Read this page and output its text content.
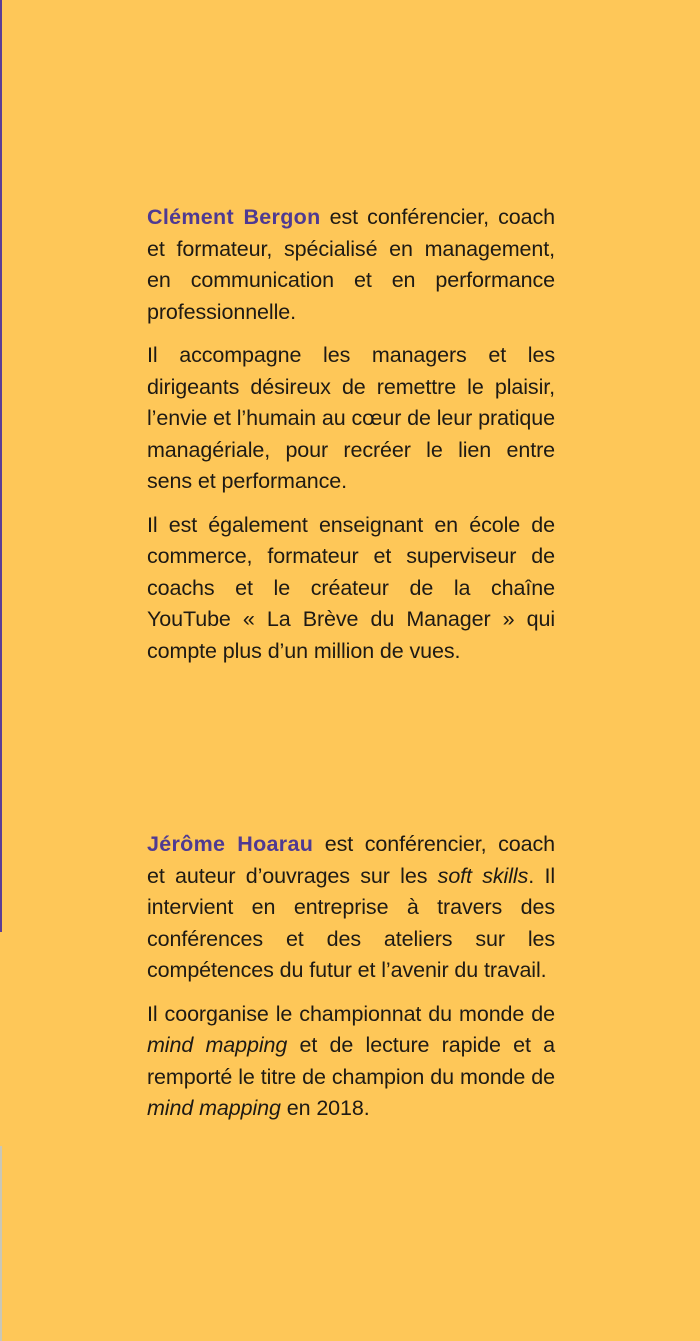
Clément Bergon est conférencier, coach et formateur, spécialisé en management, en communication et en performance professionnelle.

Il accompagne les managers et les dirigeants désireux de remettre le plaisir, l’envie et l’humain au cœur de leur pratique managériale, pour recréer le lien entre sens et performance.

Il est également enseignant en école de commerce, formateur et superviseur de coachs et le créateur de la chaîne YouTube « La Brève du Manager » qui compte plus d’un million de vues.

Jérôme Hoarau est conférencier, coach et auteur d’ouvrages sur les soft skills. Il intervient en entreprise à travers des conférences et des ateliers sur les compétences du futur et l’avenir du travail.

Il coorganise le championnat du monde de mind mapping et de lecture rapide et a remporté le titre de champion du monde de mind mapping en 2018.
